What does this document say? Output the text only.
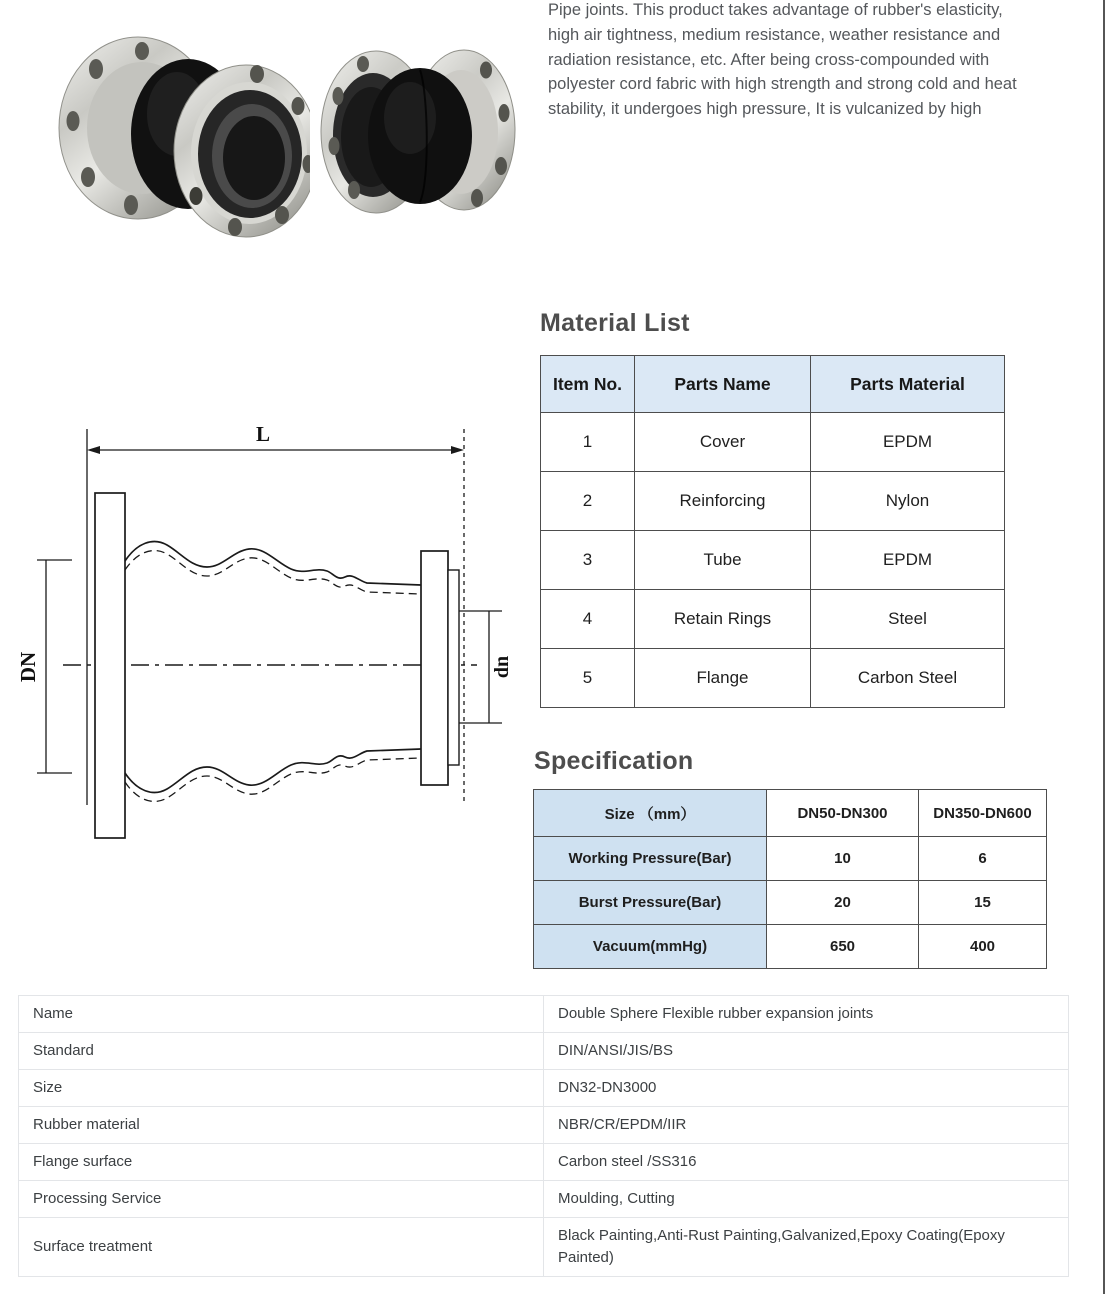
Pipe joints. This product takes advantage of rubber's elasticity,
high air tightness, medium resistance, weather resistance and
radiation resistance, etc. After being cross-compounded with
polyester cord fabric with high strength and strong cold and heat
stability, it undergoes high pressure, It is vulcanized by high
L
DN	dn
Material List
Item No.	Parts Name	Parts Material
1	Cover	EPDM
2	Reinforcing	Nylon
3	Tube	EPDM
4	Retain Rings	Steel
5	Flange	Carbon Steel
Specification
Size （mm）	DN50-DN300	DN350-DN600
Working Pressure(Bar)	10	6
Burst Pressure(Bar)	20	15
Vacuum(mmHg)	650	400
Name	Double Sphere Flexible rubber expansion joints
Standard	DIN/ANSI/JIS/BS
Size	DN32-DN3000
Rubber material	NBR/CR/EPDM/IIR
Flange surface	Carbon steel /SS316
Processing Service	Moulding, Cutting
Surface treatment	Black Painting,Anti-Rust Painting,Galvanized,Epoxy Coating(Epoxy Painted)
